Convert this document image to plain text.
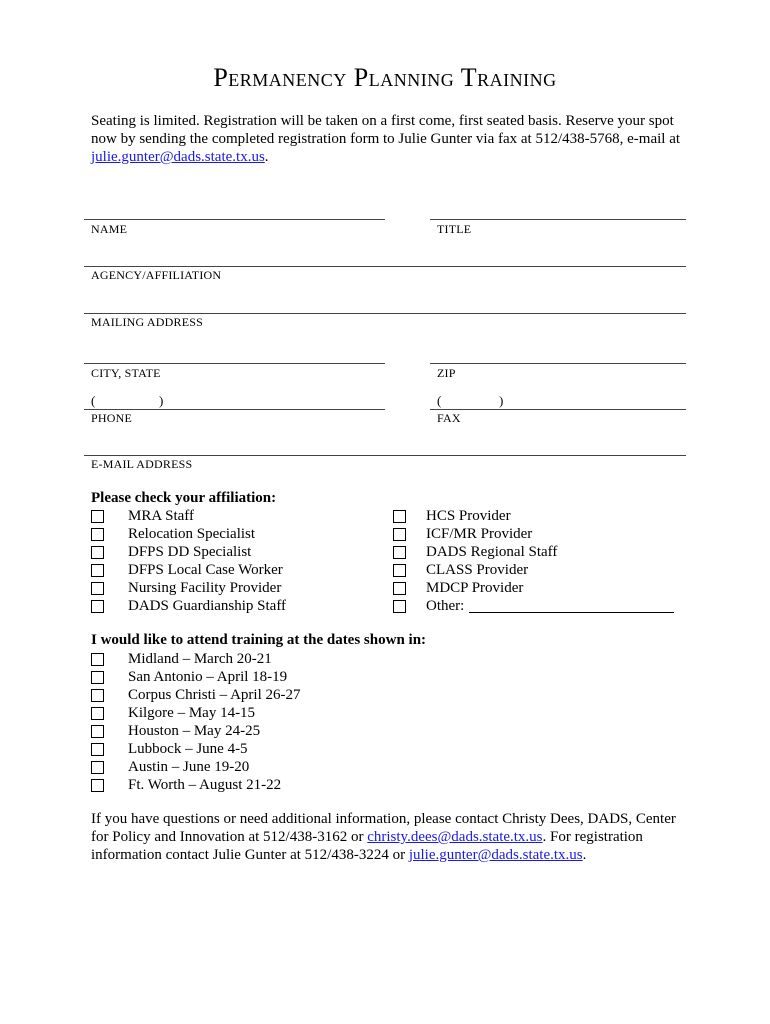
Permanency Planning Training
Seating is limited. Registration will be taken on a first come, first seated basis. Reserve your spot now by sending the completed registration form to Julie Gunter via fax at 512/438-5768, e-mail at julie.gunter@dads.state.tx.us.
NAME	TITLE
AGENCY/AFFILIATION
MAILING ADDRESS
CITY, STATE	ZIP
(	)	(	)
PHONE	FAX
E-MAIL ADDRESS
Please check your affiliation:
MRA Staff
Relocation Specialist
DFPS DD Specialist
DFPS Local Case Worker
Nursing Facility Provider
DADS Guardianship Staff
HCS Provider
ICF/MR Provider
DADS Regional Staff
CLASS Provider
MDCP Provider
Other:
I would like to attend training at the dates shown in:
Midland – March 20-21
San Antonio – April 18-19
Corpus Christi – April 26-27
Kilgore – May 14-15
Houston – May 24-25
Lubbock – June 4-5
Austin – June 19-20
Ft. Worth – August 21-22
If you have questions or need additional information, please contact Christy Dees, DADS, Center for Policy and Innovation at 512/438-3162 or christy.dees@dads.state.tx.us. For registration information contact Julie Gunter at 512/438-3224 or julie.gunter@dads.state.tx.us.
